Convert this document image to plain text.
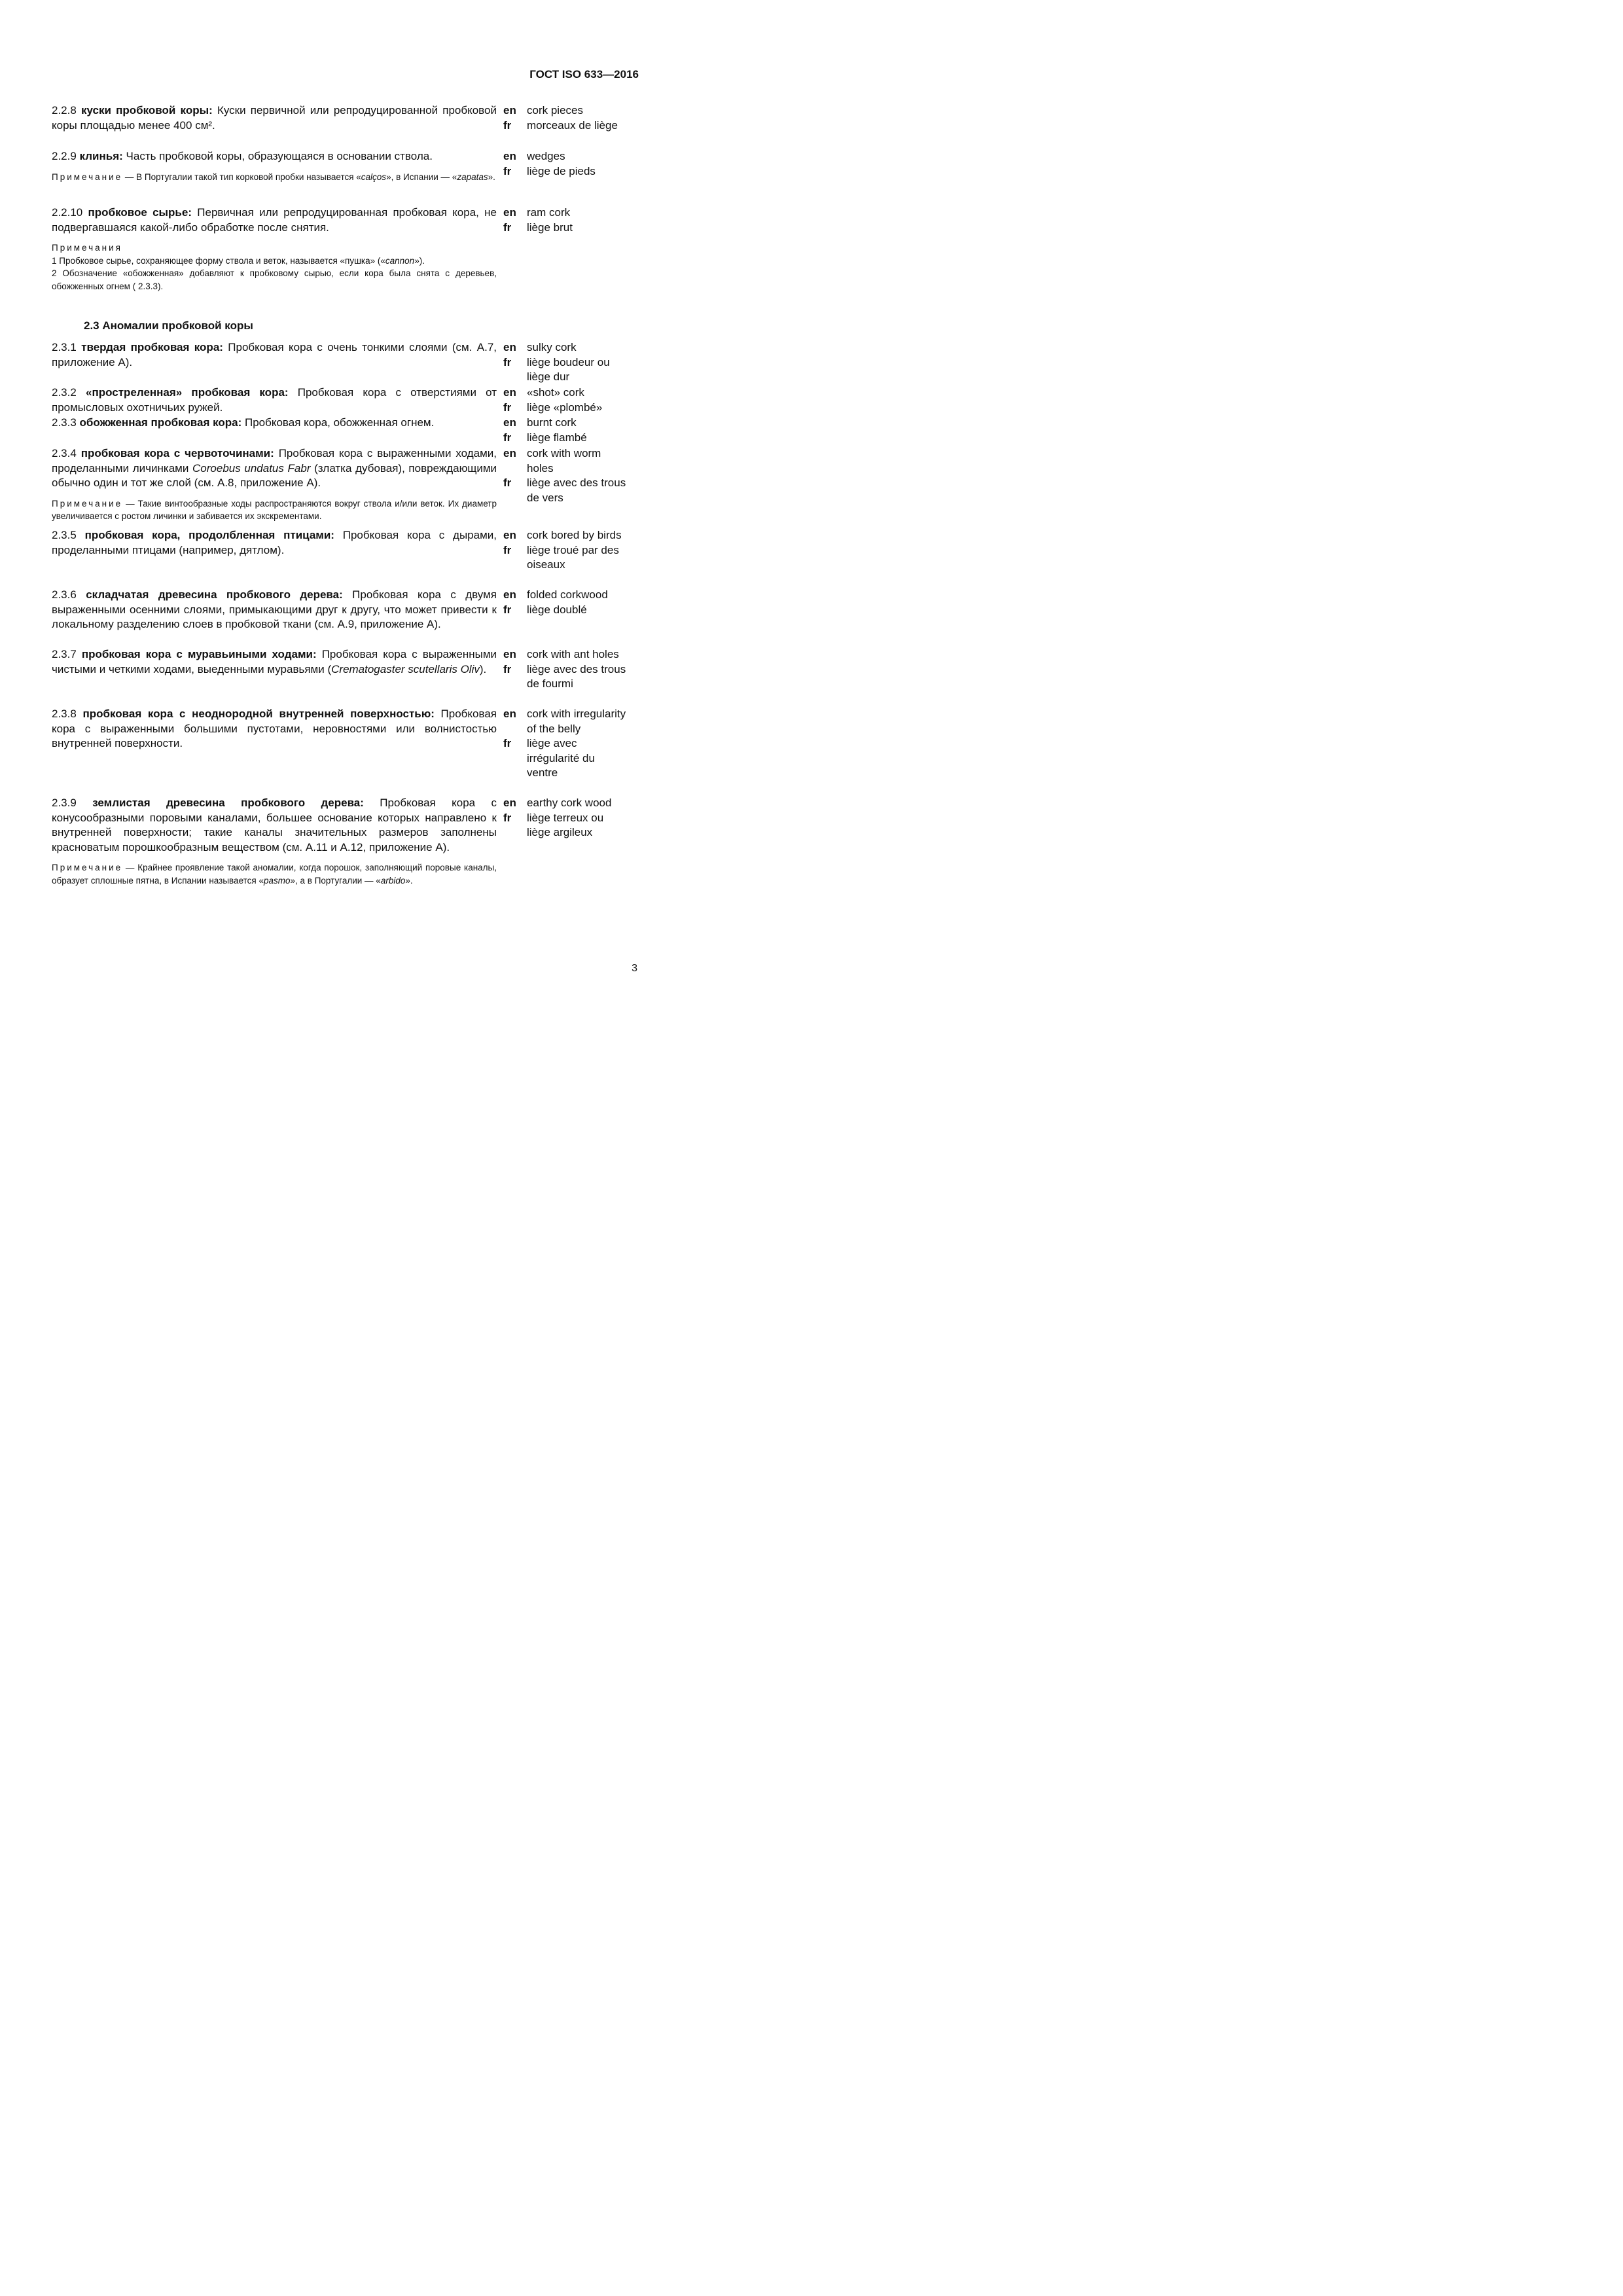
ГОСТ ISO 633—2016

2.2.8 куски пробковой коры: Куски первичной или репродуцированной пробковой коры площадью менее 400 см².

en cork pieces
fr	morceaux de liège

2.2.9 клинья: Часть пробковой коры, образующаяся в основании ствола.

Примечание — В Португалии такой тип корковой пробки называется «calços», в Испании — «zapatas».

en wedges
fr	liège de pieds

2.2.10 пробковое сырье: Первичная или репродуцированная пробковая кора, не подвергавшаяся какой-либо обработке после снятия.

Примечания

1 Пробковое сырье, сохраняющее форму ствола и веток, называется «пушка» («cannon»).

2 Обозначение «обожженная» добавляют к пробковому сырью, если кора была снята с деревьев, обожженных огнем ( 2.3.3).

en ram cork
fr	liège brut
2.3 Аномалии пробковой коры

2.3.1 твердая пробковая кора: Пробковая кора с очень тонкими слоями (см. А.7, приложение А).

en sulky cork
fr	liège boudeur ou liège dur

2.3.2 «простреленная» пробковая кора: Пробковая кора с отверстиями от промысловых охотничьих ружей.

en «shot» cork
fr	liège «plombé»

2.3.3 обожженная пробковая кора: Пробковая кора, обожженная огнем.	en burnt cork
fr	liège flambé

2.3.4 пробковая кора с червоточинами: Пробковая кора с выраженными ходами, проделанными личинками Coroebus undatus Fabr (златка дубовая), повреждающими обычно один и тот же слой (см. А.8, приложение А).

Примечание — Такие винтообразные ходы распространяются вокруг ствола и/или веток. Их диаметр увеличивается с ростом личинки и забивается их экскрементами.

en cork with worm holes
fr	liège avec des trous de vers

2.3.5 пробковая кора, продолбленная птицами: Пробковая кора с дырами, проделанными птицами (например, дятлом).

en cork bored by birds
fr	liège troué par des oiseaux

2.3.6 складчатая древесина пробкового дерева: Пробковая кора с двумя выраженными осенними слоями, примыкающими друг к другу, что может привести к локальному разделению слоев в пробковой ткани (см. А.9, приложение А).

en folded corkwood
fr	liège doublé

2.3.7 пробковая кора с муравьиными ходами: Пробковая кора с выраженными чистыми и четкими ходами, выеденными муравьями (Crematogaster scutellaris Oliv).

en cork with ant holes
fr	liège avec des trous de fourmi

2.3.8 пробковая кора с неоднородной внутренней поверхностью: Пробковая кора с выраженными большими пустотами, неровностями или волнистостью внутренней поверхности.

en cork with irregularity of the belly
fr	liège avec irrégularité du ventre

2.3.9 землистая древесина пробкового дерева: Пробковая кора с конусообразными поровыми каналами, большее основание которых направлено к внутренней поверхности; такие каналы значительных размеров заполнены красноватым порошкообразным веществом (см. А.11 и А.12, приложение А).

Примечание — Крайнее проявление такой аномалии, когда порошок, заполняющий поровые каналы, образует сплошные пятна, в Испании называется «pasmo», а в Португалии — «arbido».

en earthy cork wood
fr	liège terreux ou liège argileux
3
